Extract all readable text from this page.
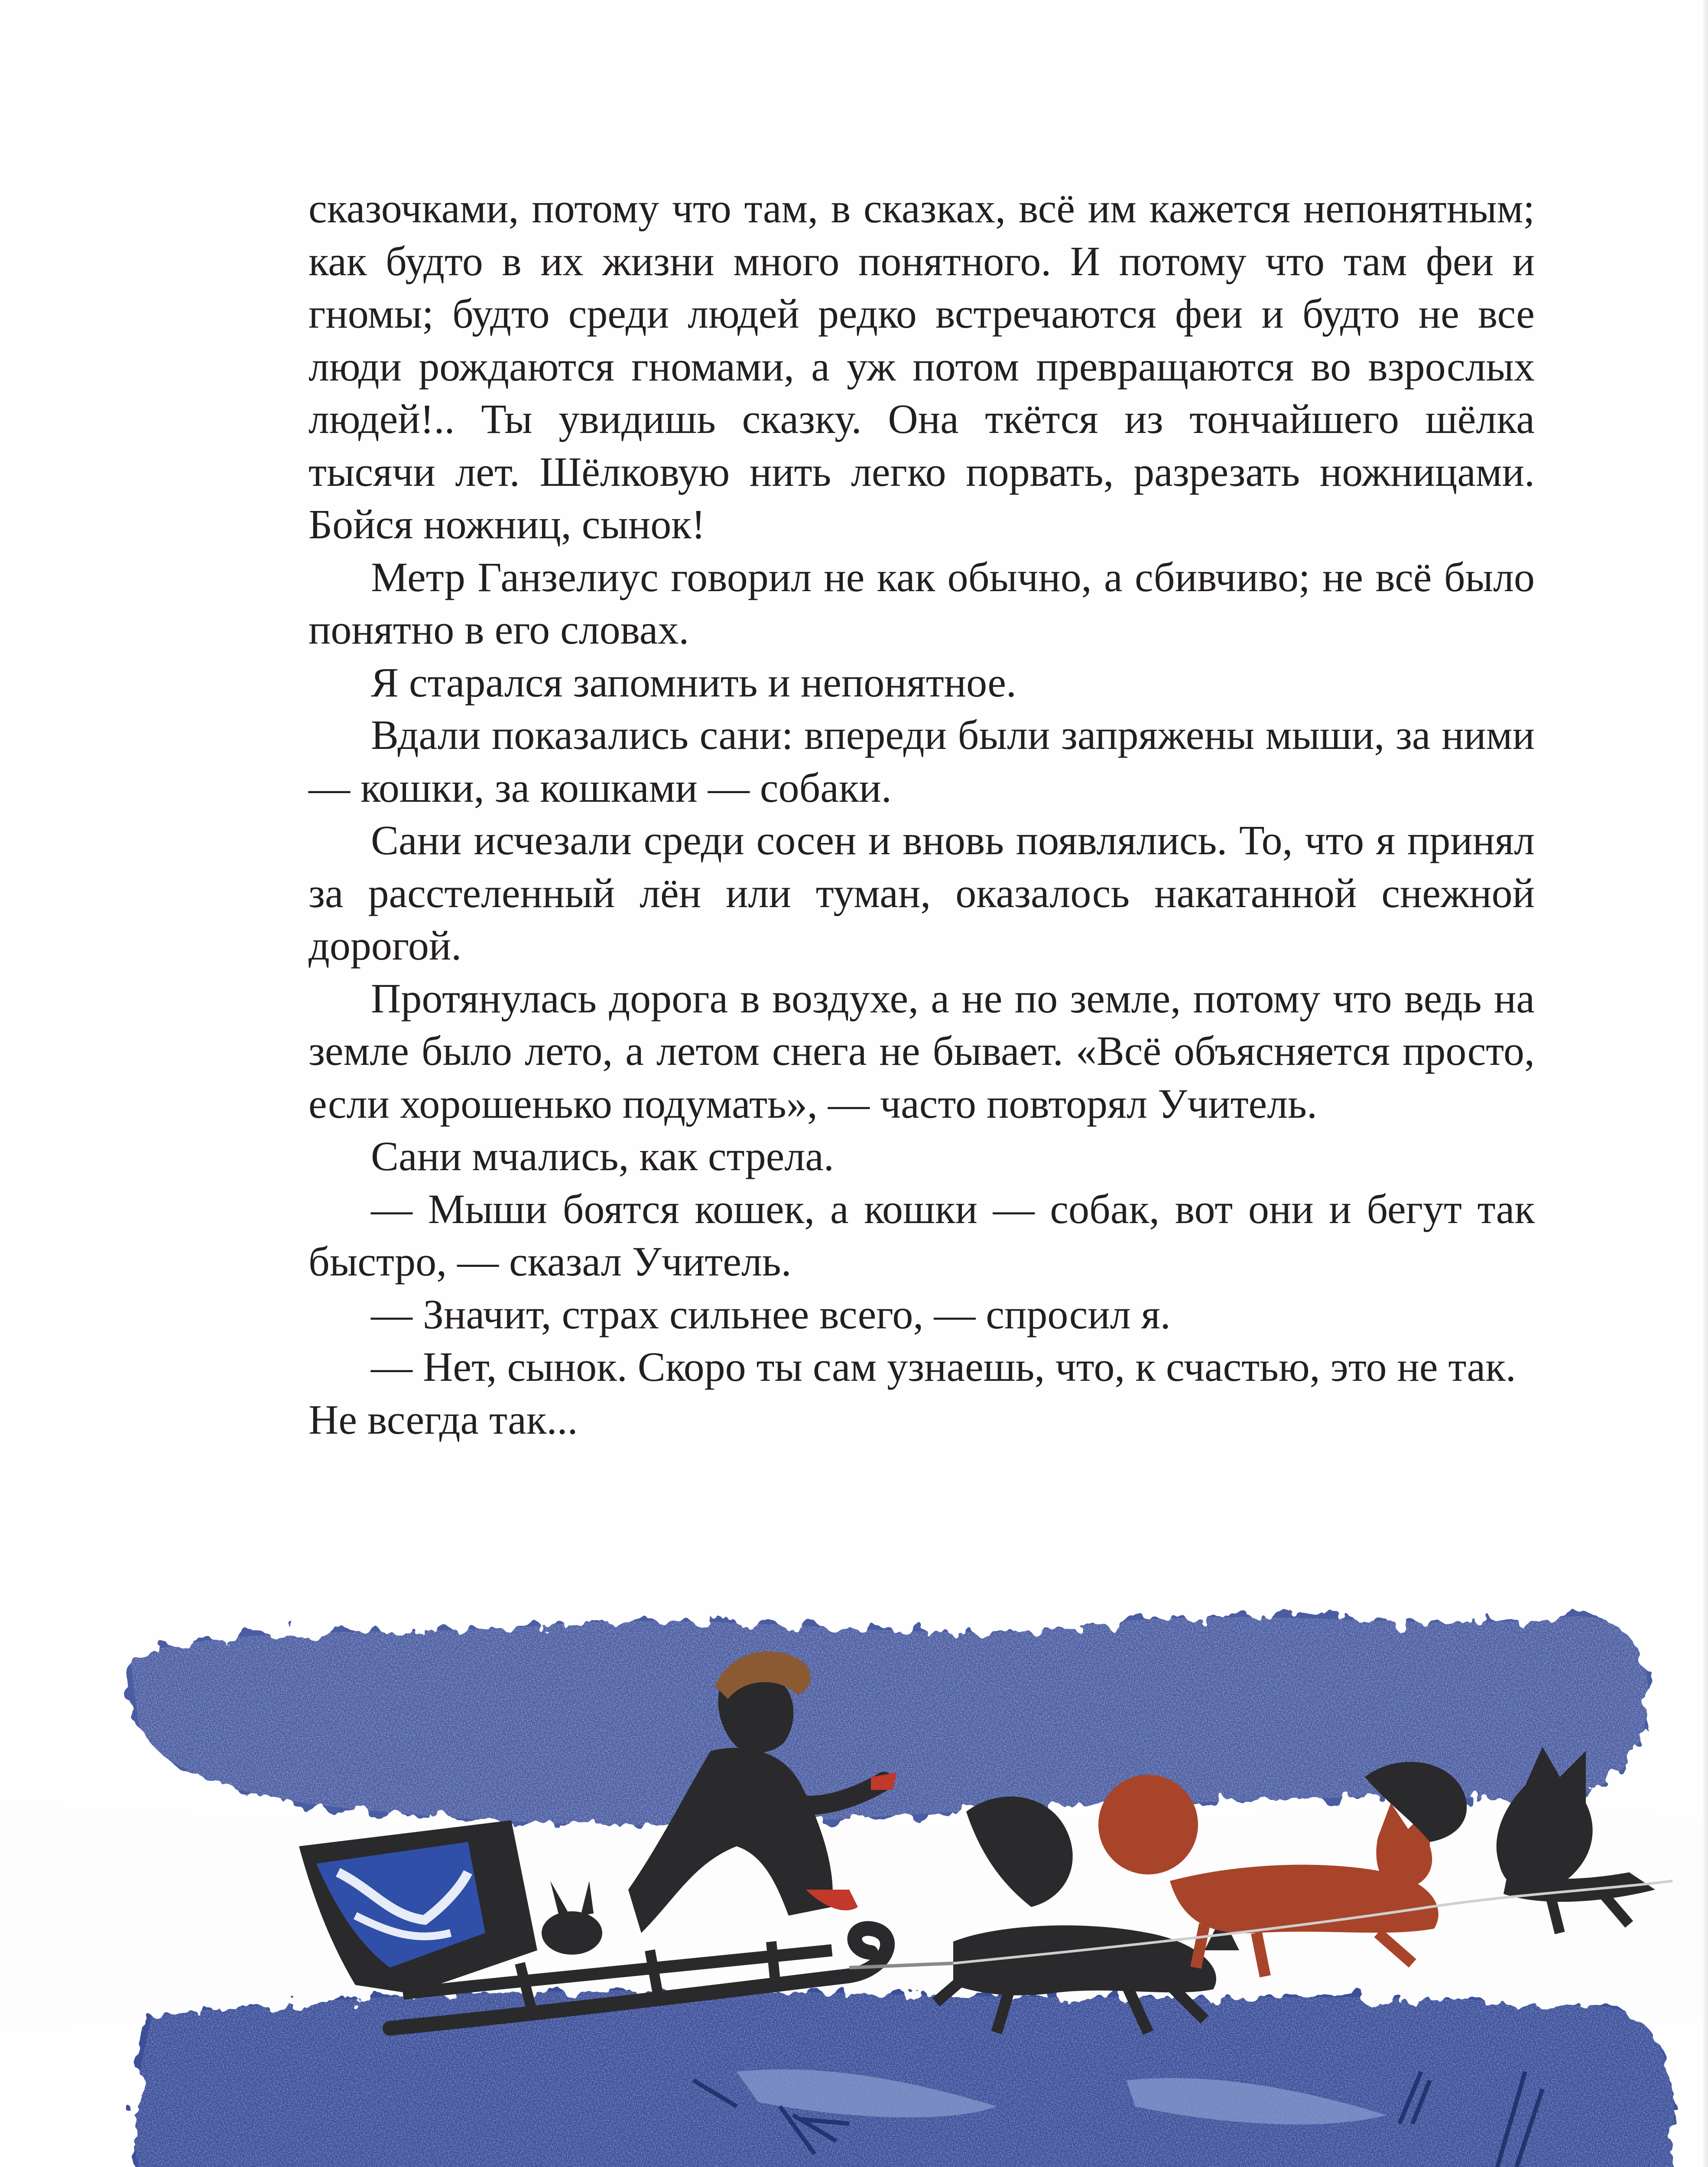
сказочками, потому что там, в сказках, всё им кажется непонятным; как будто в их жизни много понятного. И потому что там феи и гномы; будто среди людей редко встречаются феи и будто не все люди рождаются гномами, а уж потом превращаются во взрослых людей!.. Ты увидишь сказку. Она ткётся из тончайшего шёлка тысячи лет. Шёлковую нить легко порвать, разрезать ножницами. Бойся ножниц, сынок!

Метр Ганзелиус говорил не как обычно, а сбивчиво; не всё было понятно в его словах.

Я старался запомнить и непонятное.

Вдали показались сани: впереди были запряжены мыши, за ними — кошки, за кошками — собаки.

Сани исчезали среди сосен и вновь появлялись. То, что я принял за расстеленный лён или туман, оказалось накатанной снежной дорогой.

Протянулась дорога в воздухе, а не по земле, потому что ведь на земле было лето, а летом снега не бывает. «Всё объясняется просто, если хорошенько подумать», — часто повторял Учитель.

Сани мчались, как стрела.

— Мыши боятся кошек, а кошки — собак, вот они и бегут так быстро, — сказал Учитель.

— Значит, страх сильнее всего, — спросил я.

— Нет, сынок. Скоро ты сам узнаешь, что, к счастью, это не так. Не всегда так...
